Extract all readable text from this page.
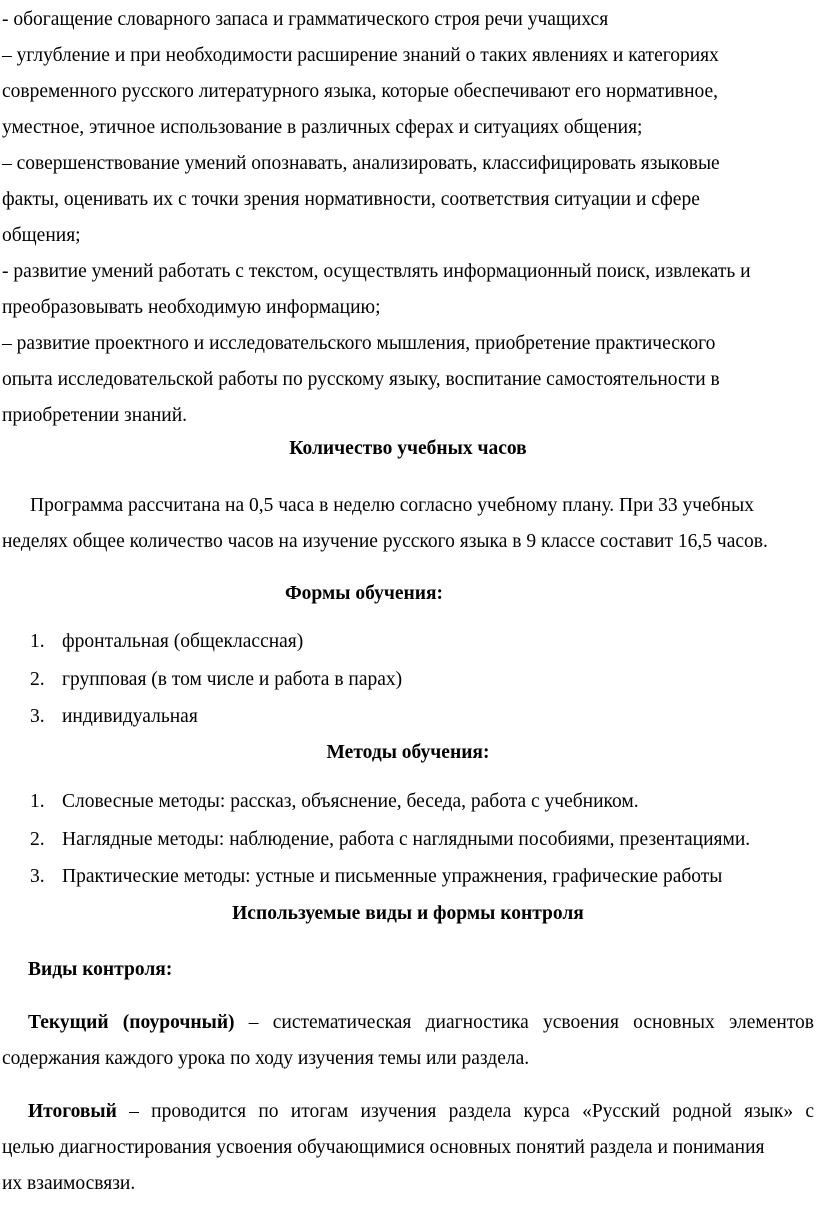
- обогащение словарного запаса и грамматического строя речи учащихся
– углубление и при необходимости расширение знаний о таких явлениях и категориях
современного русского литературного языка, которые обеспечивают его нормативное,
уместное, этичное использование в различных сферах и ситуациях общения;
– совершенствование умений опознавать, анализировать, классифицировать языковые
факты, оценивать их с точки зрения нормативности, соответствия ситуации и сфере
общения;
- развитие умений работать с текстом, осуществлять информационный поиск, извлекать и
преобразовывать необходимую информацию;
– развитие проектного и исследовательского мышления, приобретение практического
опыта исследовательской работы по русскому языку, воспитание самостоятельности в
приобретении знаний.
Количество учебных часов
Программа рассчитана на 0,5 часа в неделю согласно учебному плану. При 33 учебных
неделях общее количество часов на изучение русского языка в 9 классе составит 16,5 часов.
Формы обучения:
1. фронтальная (общеклассная)
2. групповая (в том числе и работа в парах)
3. индивидуальная
Методы обучения:
1. Словесные методы: рассказ, объяснение, беседа, работа с учебником.
2. Наглядные методы: наблюдение, работа с наглядными пособиями, презентациями.
3. Практические методы: устные и письменные упражнения, графические работы
Используемые виды и формы контроля
Виды контроля:
Текущий (поурочный) – систематическая диагностика усвоения основных элементов
содержания каждого урока по ходу изучения темы или раздела.
Итоговый – проводится по итогам изучения раздела курса «Русский родной язык» с
целью диагностирования усвоения обучающимися основных понятий раздела и понимания
их взаимосвязи.
